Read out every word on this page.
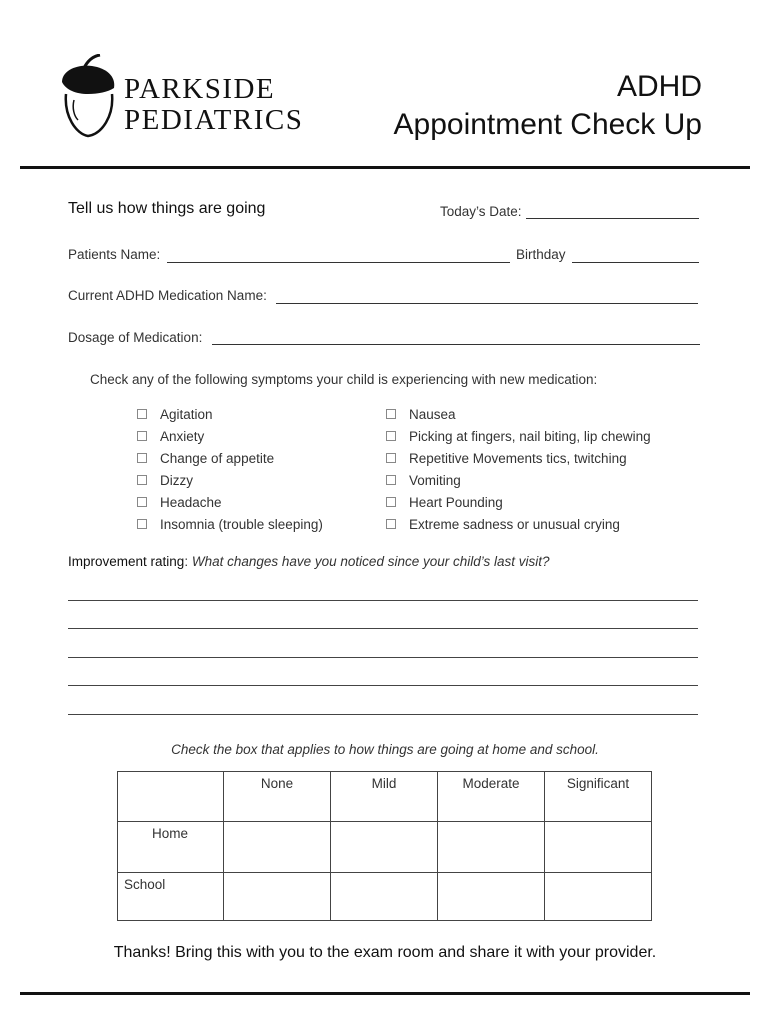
PARKSIDE
PEDIATRICS
ADHD
Appointment Check Up
Tell us how things are going	Today’s Date:
Patients Name:	Birthday
Current ADHD Medication Name:
Dosage of Medication:
Check any of the following symptoms your child is experiencing with new medication:
Agitation
Anxiety
Change of appetite
Dizzy
Headache
Insomnia (trouble sleeping)
Nausea
Picking at fingers, nail biting, lip chewing
Repetitive Movements tics, twitching
Vomiting
Heart Pounding
Extreme sadness or unusual crying
Improvement rating: What changes have you noticed since your child’s last visit?
Check the box that applies to how things are going at home and school.
	None	Mild	Moderate	Significant
Home				
School				
Thanks! Bring this with you to the exam room and share it with your provider.
